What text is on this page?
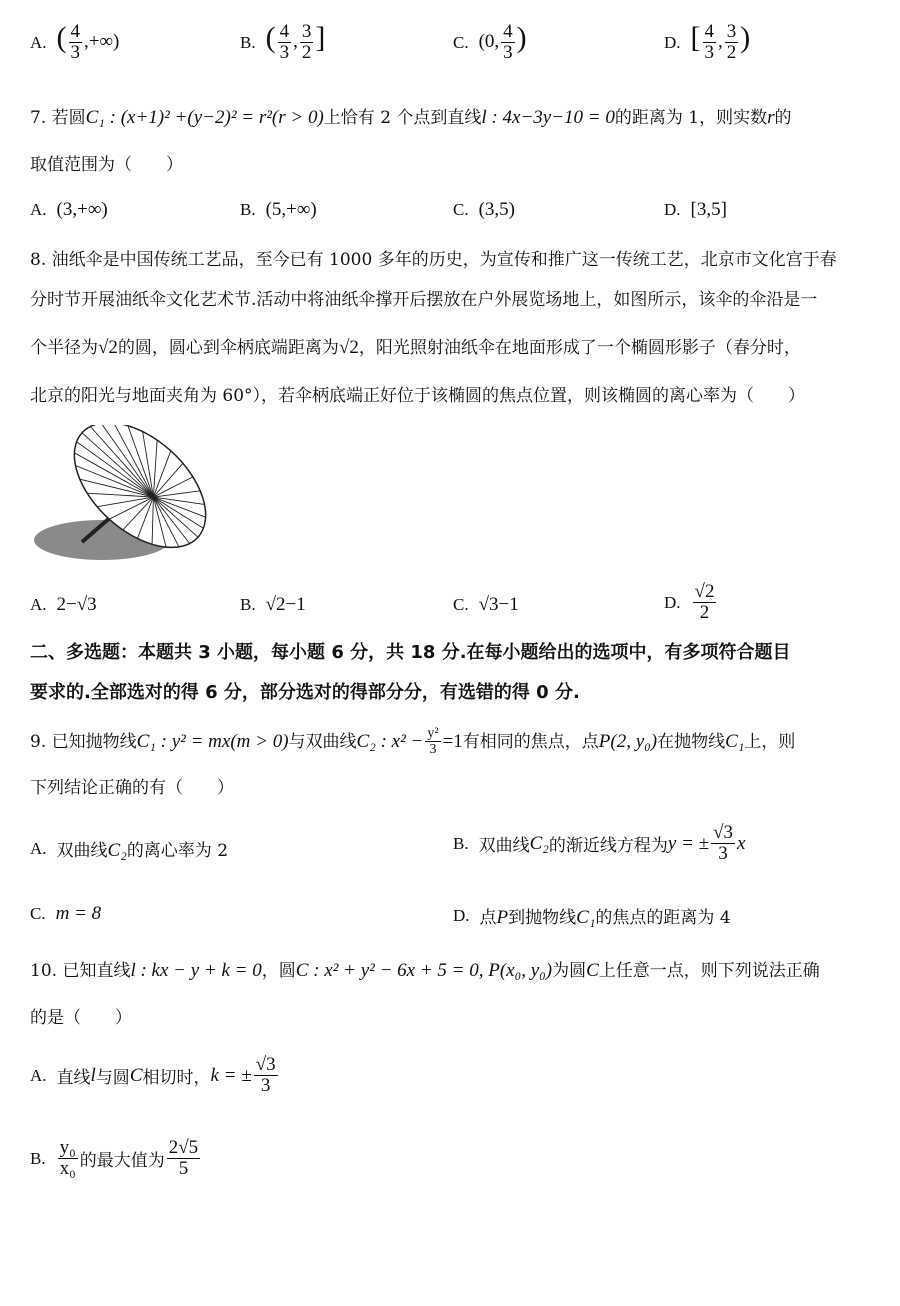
A. ( $\frac{4}{3}$ ,+∞)	B. ( $\frac{4}{3}$ , $\frac{3}{2}$ ]	C. (0, $\frac{4}{3}$ )	D. [ $\frac{4}{3}$ , $\frac{3}{2}$ )
7. 若圆C₁ : (x+1)² +(y−2)² = r²(r > 0)上恰有 2 个点到直线l : 4x−3y−10 = 0的距离为 1，则实数r的
取值范围为（　　）
A. (3,+∞)	B. (5,+∞)	C. (3,5)	D. [3,5]
8. 油纸伞是中国传统工艺品，至今已有 1000 多年的历史，为宣传和推广这一传统工艺，北京市文化宫于春
分时节开展油纸伞文化艺术节.活动中将油纸伞撑开后摆放在户外展览场地上，如图所示，该伞的伞沿是一
个半径为√2的圆，圆心到伞柄底端距离为√2，阳光照射油纸伞在地面形成了一个椭圆形影子（春分时，
北京的阳光与地面夹角为 60°），若伞柄底端正好位于该椭圆的焦点位置，则该椭圆的离心率为（　　）
A. 2−√3	B. √2−1	C. √3−1	D. $\frac{√2}{2}$
二、多选题：本题共 3 小题，每小题 6 分，共 18 分.在每小题给出的选项中，有多项符合题目
要求的.全部选对的得 6 分，部分选对的得部分分，有选错的得 0 分.
9. 已知抛物线 C₁ : y² = mx(m > 0) 与双曲线 C₂ : $x^2 - \frac{\text{y²}}{3} =1$ 有相同的焦点，点 P(2, y₀) 在抛物线 C₁ 上，则
下列结论正确的有（　　）
A. 双曲线C₂的离心率为 2	B. 双曲线 C₂ 的渐近线方程为 y = ± $\frac{√3}{3}$ x
C. m = 8	D. 点P到抛物线C₁的焦点的距离为 4
10. 已知直线l : kx − y + k = 0，圆C : x² + y² − 6x + 5 = 0, P(x₀, y₀)为圆C上任意一点，则下列说法正确
的是（　　）
A. 直线 l 与圆 C 相切时， k = ± $\frac{√3}{3}$
B. $\frac{\text{y₀}}{\text{x₀}}$ 的最大值为 $\frac{2√5}{5}$
